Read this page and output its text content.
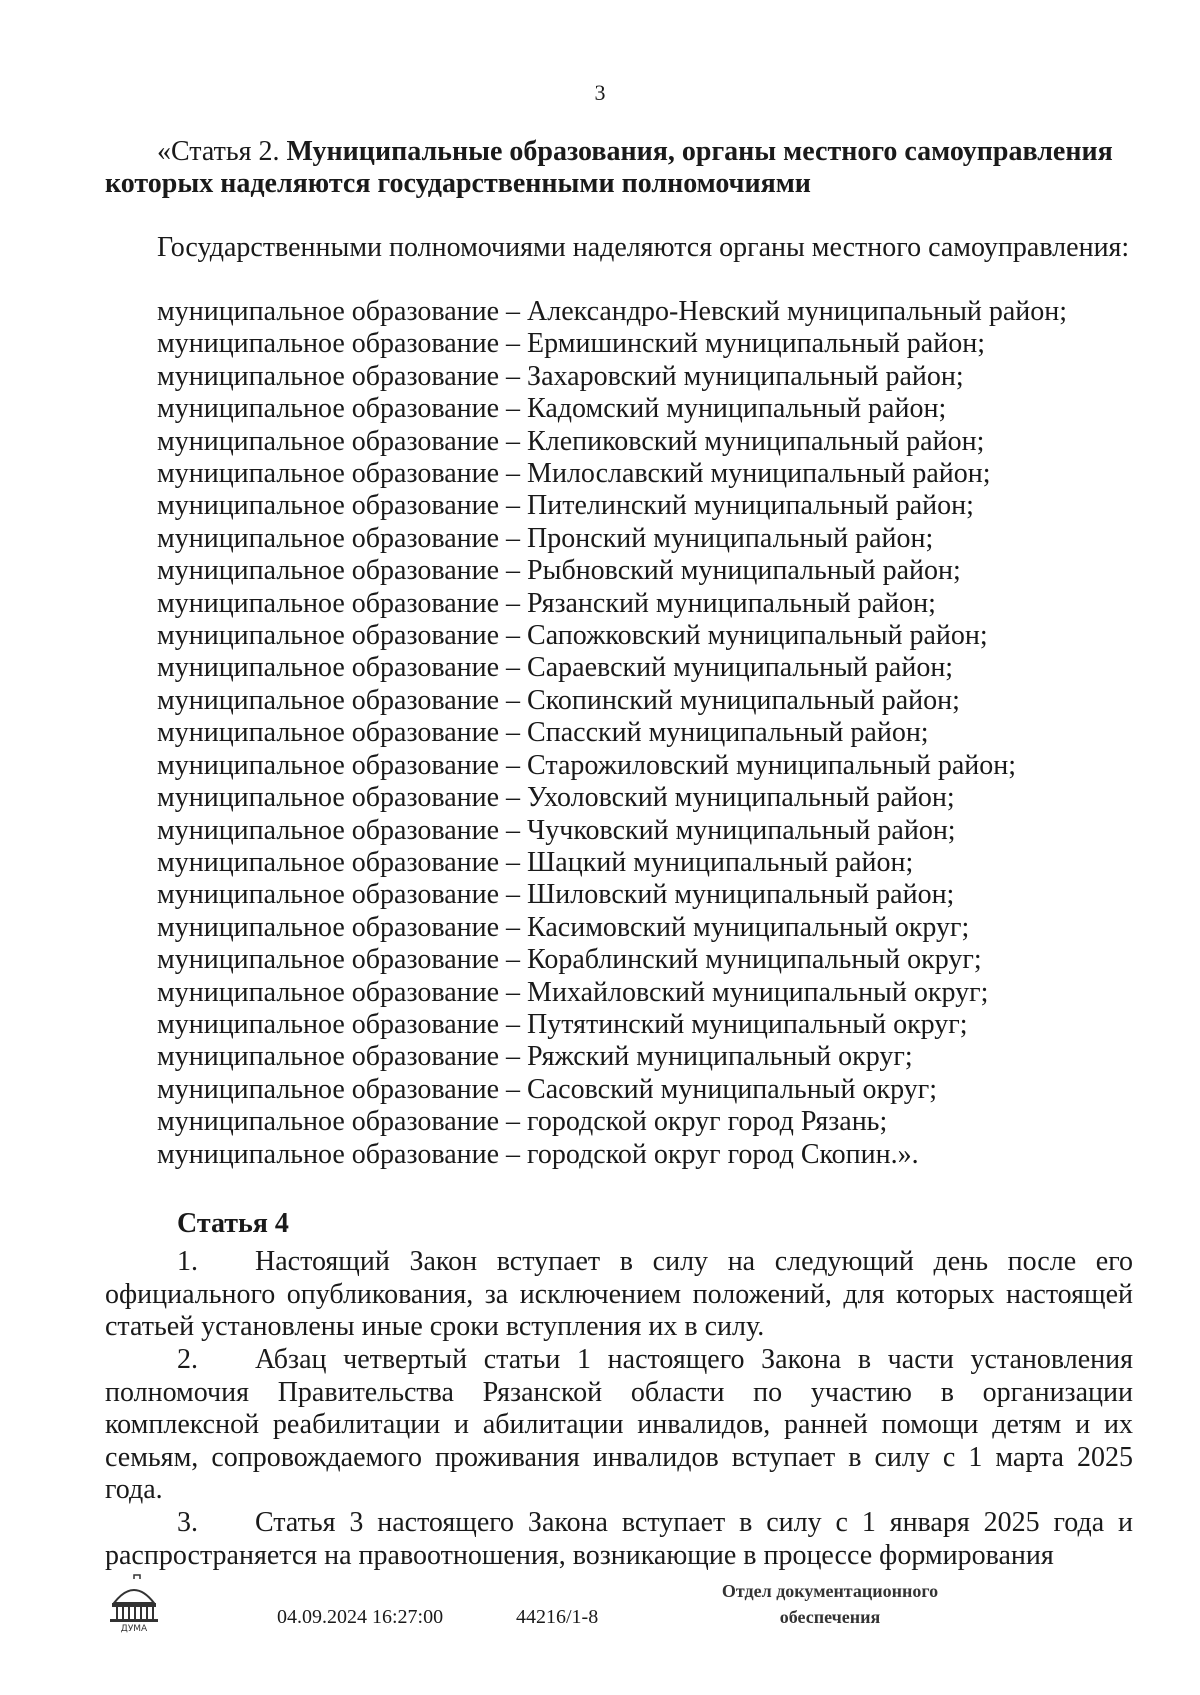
3
«Статья 2. Муниципальные образования, органы местного самоуправления которых наделяются государственными полномочиями
Государственными полномочиями наделяются органы местного самоуправления:
муниципальное образование – Александро-Невский муниципальный район;
муниципальное образование – Ермишинский муниципальный район;
муниципальное образование – Захаровский муниципальный район;
муниципальное образование – Кадомский муниципальный район;
муниципальное образование – Клепиковский муниципальный район;
муниципальное образование – Милославский муниципальный район;
муниципальное образование – Пителинский муниципальный район;
муниципальное образование – Пронский муниципальный район;
муниципальное образование – Рыбновский муниципальный район;
муниципальное образование – Рязанский муниципальный район;
муниципальное образование – Сапожковский муниципальный район;
муниципальное образование – Сараевский муниципальный район;
муниципальное образование – Скопинский муниципальный район;
муниципальное образование – Спасский муниципальный район;
муниципальное образование – Старожиловский муниципальный район;
муниципальное образование – Ухоловский муниципальный район;
муниципальное образование – Чучковский муниципальный район;
муниципальное образование – Шацкий муниципальный район;
муниципальное образование – Шиловский муниципальный район;
муниципальное образование – Касимовский муниципальный округ;
муниципальное образование – Кораблинский муниципальный округ;
муниципальное образование – Михайловский муниципальный округ;
муниципальное образование – Путятинский муниципальный округ;
муниципальное образование – Ряжский муниципальный округ;
муниципальное образование – Сасовский муниципальный округ;
муниципальное образование – городской округ город Рязань;
муниципальное образование – городской округ город Скопин.».
Статья 4
1. Настоящий Закон вступает в силу на следующий день после его официального опубликования, за исключением положений, для которых настоящей статьей установлены иные сроки вступления их в силу.
2. Абзац четвертый статьи 1 настоящего Закона в части установления полномочия Правительства Рязанской области по участию в организации комплексной реабилитации и абилитации инвалидов, ранней помощи детям и их семьям, сопровождаемого проживания инвалидов вступает в силу с 1 марта 2025 года.
3. Статья 3 настоящего Закона вступает в силу с 1 января 2025 года и распространяется на правоотношения, возникающие в процессе формирования
ДУМА
04.09.2024 16:27:00	44216/1-8
Отдел документационного обеспечения
